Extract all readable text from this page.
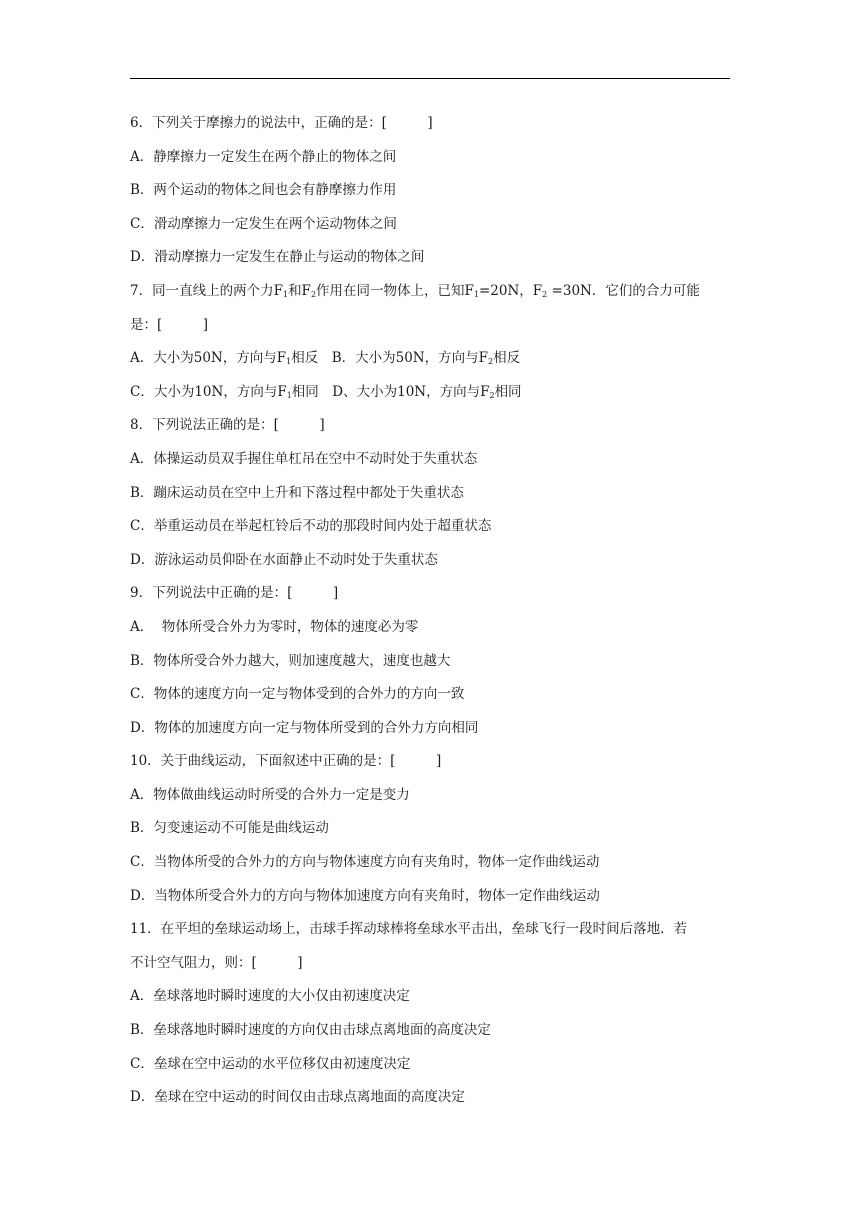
6．下列关于摩擦力的说法中，正确的是：[　　　]
A．静摩擦力一定发生在两个静止的物体之间
B．两个运动的物体之间也会有静摩擦力作用
C．滑动摩擦力一定发生在两个运动物体之间
D．滑动摩擦力一定发生在静止与运动的物体之间
7．同一直线上的两个力$F_1$和$F_2$作用在同一物体上，已知$F_1=20N$，$F_2 =30N$．它们的合力可能
是：[　　　]
A．大小为50N，方向与$F_1$相反　B．大小为50N，方向与$F_2$相反
C．大小为10N，方向与$F_1$相同　D、大小为10N，方向与$F_2$相同
8．下列说法正确的是：[　　　]
A．体操运动员双手握住单杠吊在空中不动时处于失重状态
B．蹦床运动员在空中上升和下落过程中都处于失重状态
C．举重运动员在举起杠铃后不动的那段时间内处于超重状态
D．游泳运动员仰卧在水面静止不动时处于失重状态
9．下列说法中正确的是：[　　　]
A．  物体所受合外力为零时，物体的速度必为零
B．物体所受合外力越大，则加速度越大，速度也越大
C．物体的速度方向一定与物体受到的合外力的方向一致
D．物体的加速度方向一定与物体所受到的合外力方向相同
10．关于曲线运动，下面叙述中正确的是：[　　　]
A．物体做曲线运动时所受的合外力一定是变力
B．匀变速运动不可能是曲线运动
C．当物体所受的合外力的方向与物体速度方向有夹角时，物体一定作曲线运动
D．当物体所受合外力的方向与物体加速度方向有夹角时，物体一定作曲线运动
11．在平坦的垒球运动场上，击球手挥动球棒将垒球水平击出，垒球飞行一段时间后落地．若
不计空气阻力，则：[　　　]
A．垒球落地时瞬时速度的大小仅由初速度决定
B．垒球落地时瞬时速度的方向仅由击球点离地面的高度决定
C．垒球在空中运动的水平位移仅由初速度决定
D．垒球在空中运动的时间仅由击球点离地面的高度决定
